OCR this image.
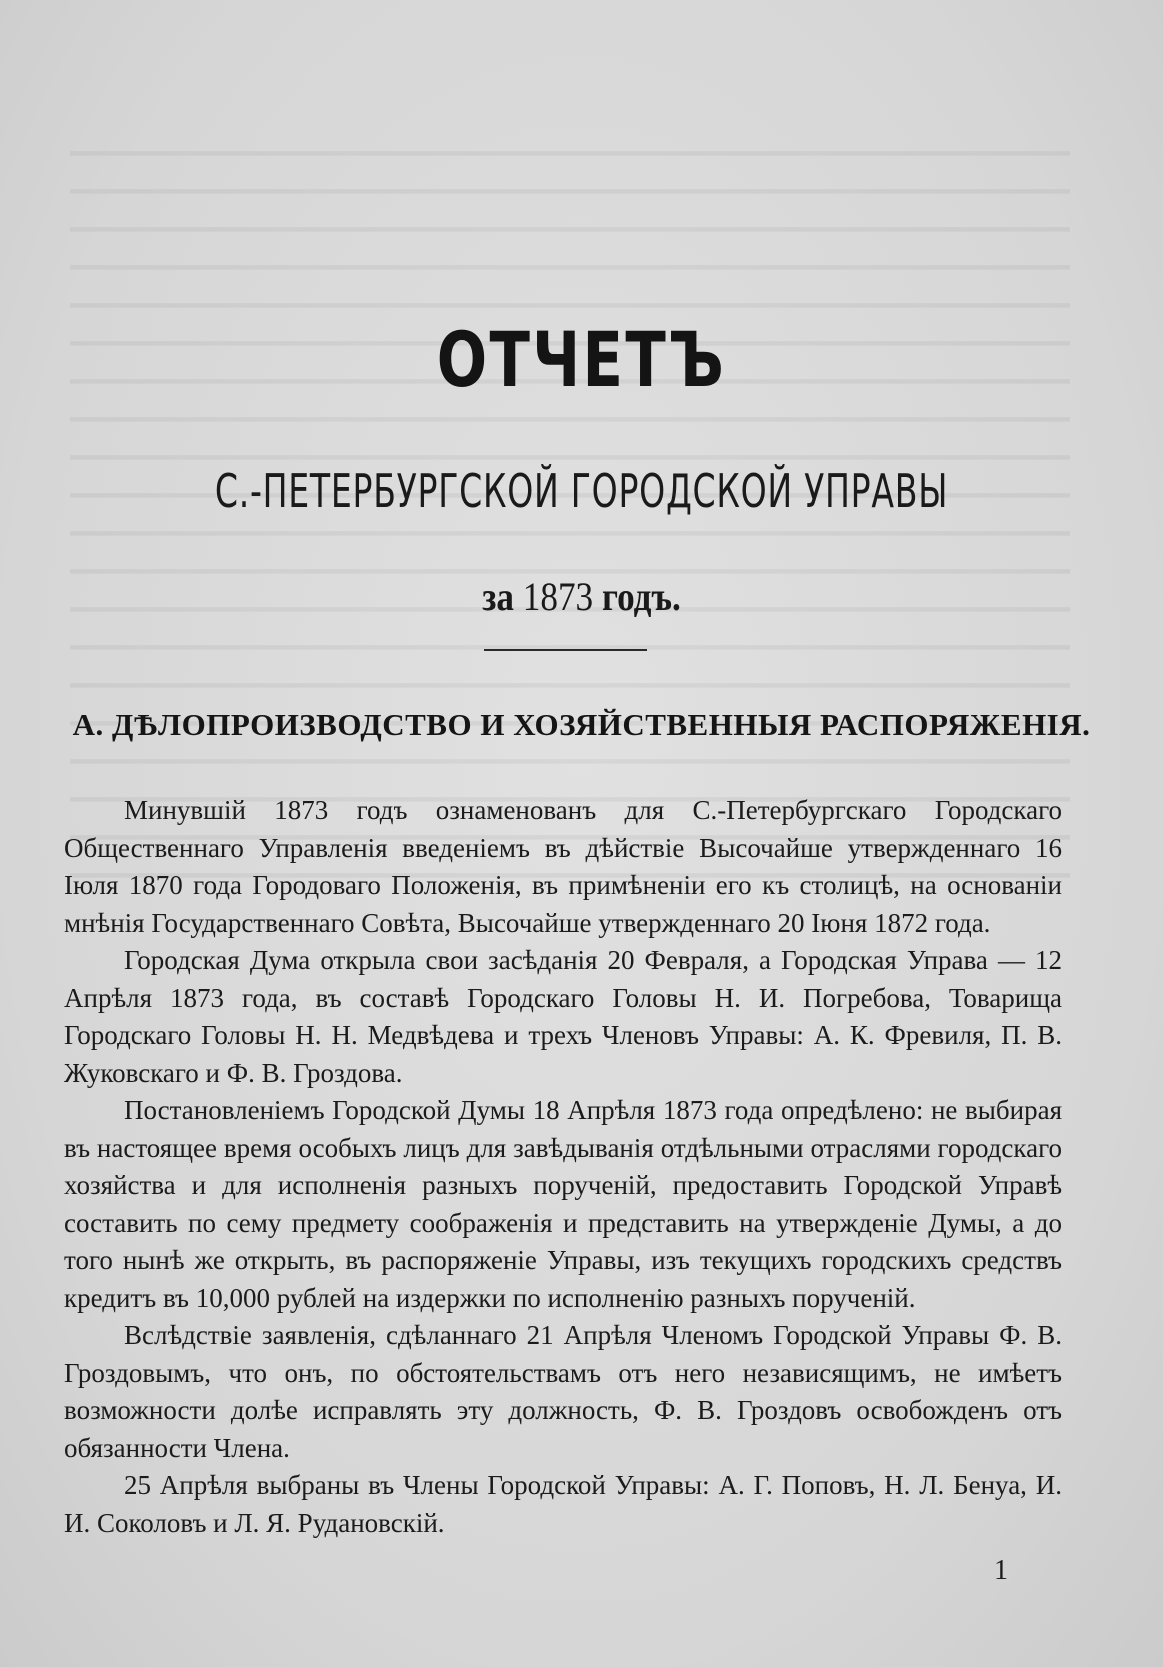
ОТЧЕТЪ
С.-ПЕТЕРБУРГСКОЙ ГОРОДСКОЙ УПРАВЫ
за 1873 годъ.
А. ДѢЛОПРОИЗВОДСТВО И ХОЗЯЙСТВЕННЫЯ РАСПОРЯЖЕНІЯ.

Минувшій 1873 годъ ознаменованъ для С.-Петербургскаго Городскаго Общественнаго Управленія введеніемъ въ дѣйствіе Высочайше утвержденнаго 16 Іюля 1870 года Городоваго Положенія, въ примѣненіи его къ столицѣ, на основаніи мнѣнія Государственнаго Совѣта, Высочайше утвержденнаго 20 Іюня 1872 года.

Городская Дума открыла свои засѣданія 20 Февраля, а Городская Управа — 12 Апрѣля 1873 года, въ составѣ Городскаго Головы Н. И. Погребова, Товарища Городскаго Головы Н. Н. Медвѣдева и трехъ Членовъ Управы: А. К. Фревиля, П. В. Жуковскаго и Ф. В. Гроздова.

Постановленіемъ Городской Думы 18 Апрѣля 1873 года опредѣлено: не выбирая въ настоящее время особыхъ лицъ для завѣдыванія отдѣльными отраслями городскаго хозяйства и для исполненія разныхъ порученій, предоставить Городской Управѣ составить по сему предмету соображенія и представить на утвержденіе Думы, а до того нынѣ же открыть, въ распоряженіе Управы, изъ текущихъ городскихъ средствъ кредитъ въ 10,000 рублей на издержки по исполненію разныхъ порученій.

Вслѣдствіе заявленія, сдѣланнаго 21 Апрѣля Членомъ Городской Управы Ф. В. Гроздовымъ, что онъ, по обстоятельствамъ отъ него независящимъ, не имѣетъ возможности долѣе исправлять эту должность, Ф. В. Гроздовъ освобожденъ отъ обязанности Члена.

25 Апрѣля выбраны въ Члены Городской Управы: А. Г. Поповъ, Н. Л. Бенуа, И. И. Соколовъ и Л. Я. Рудановскій.

1
